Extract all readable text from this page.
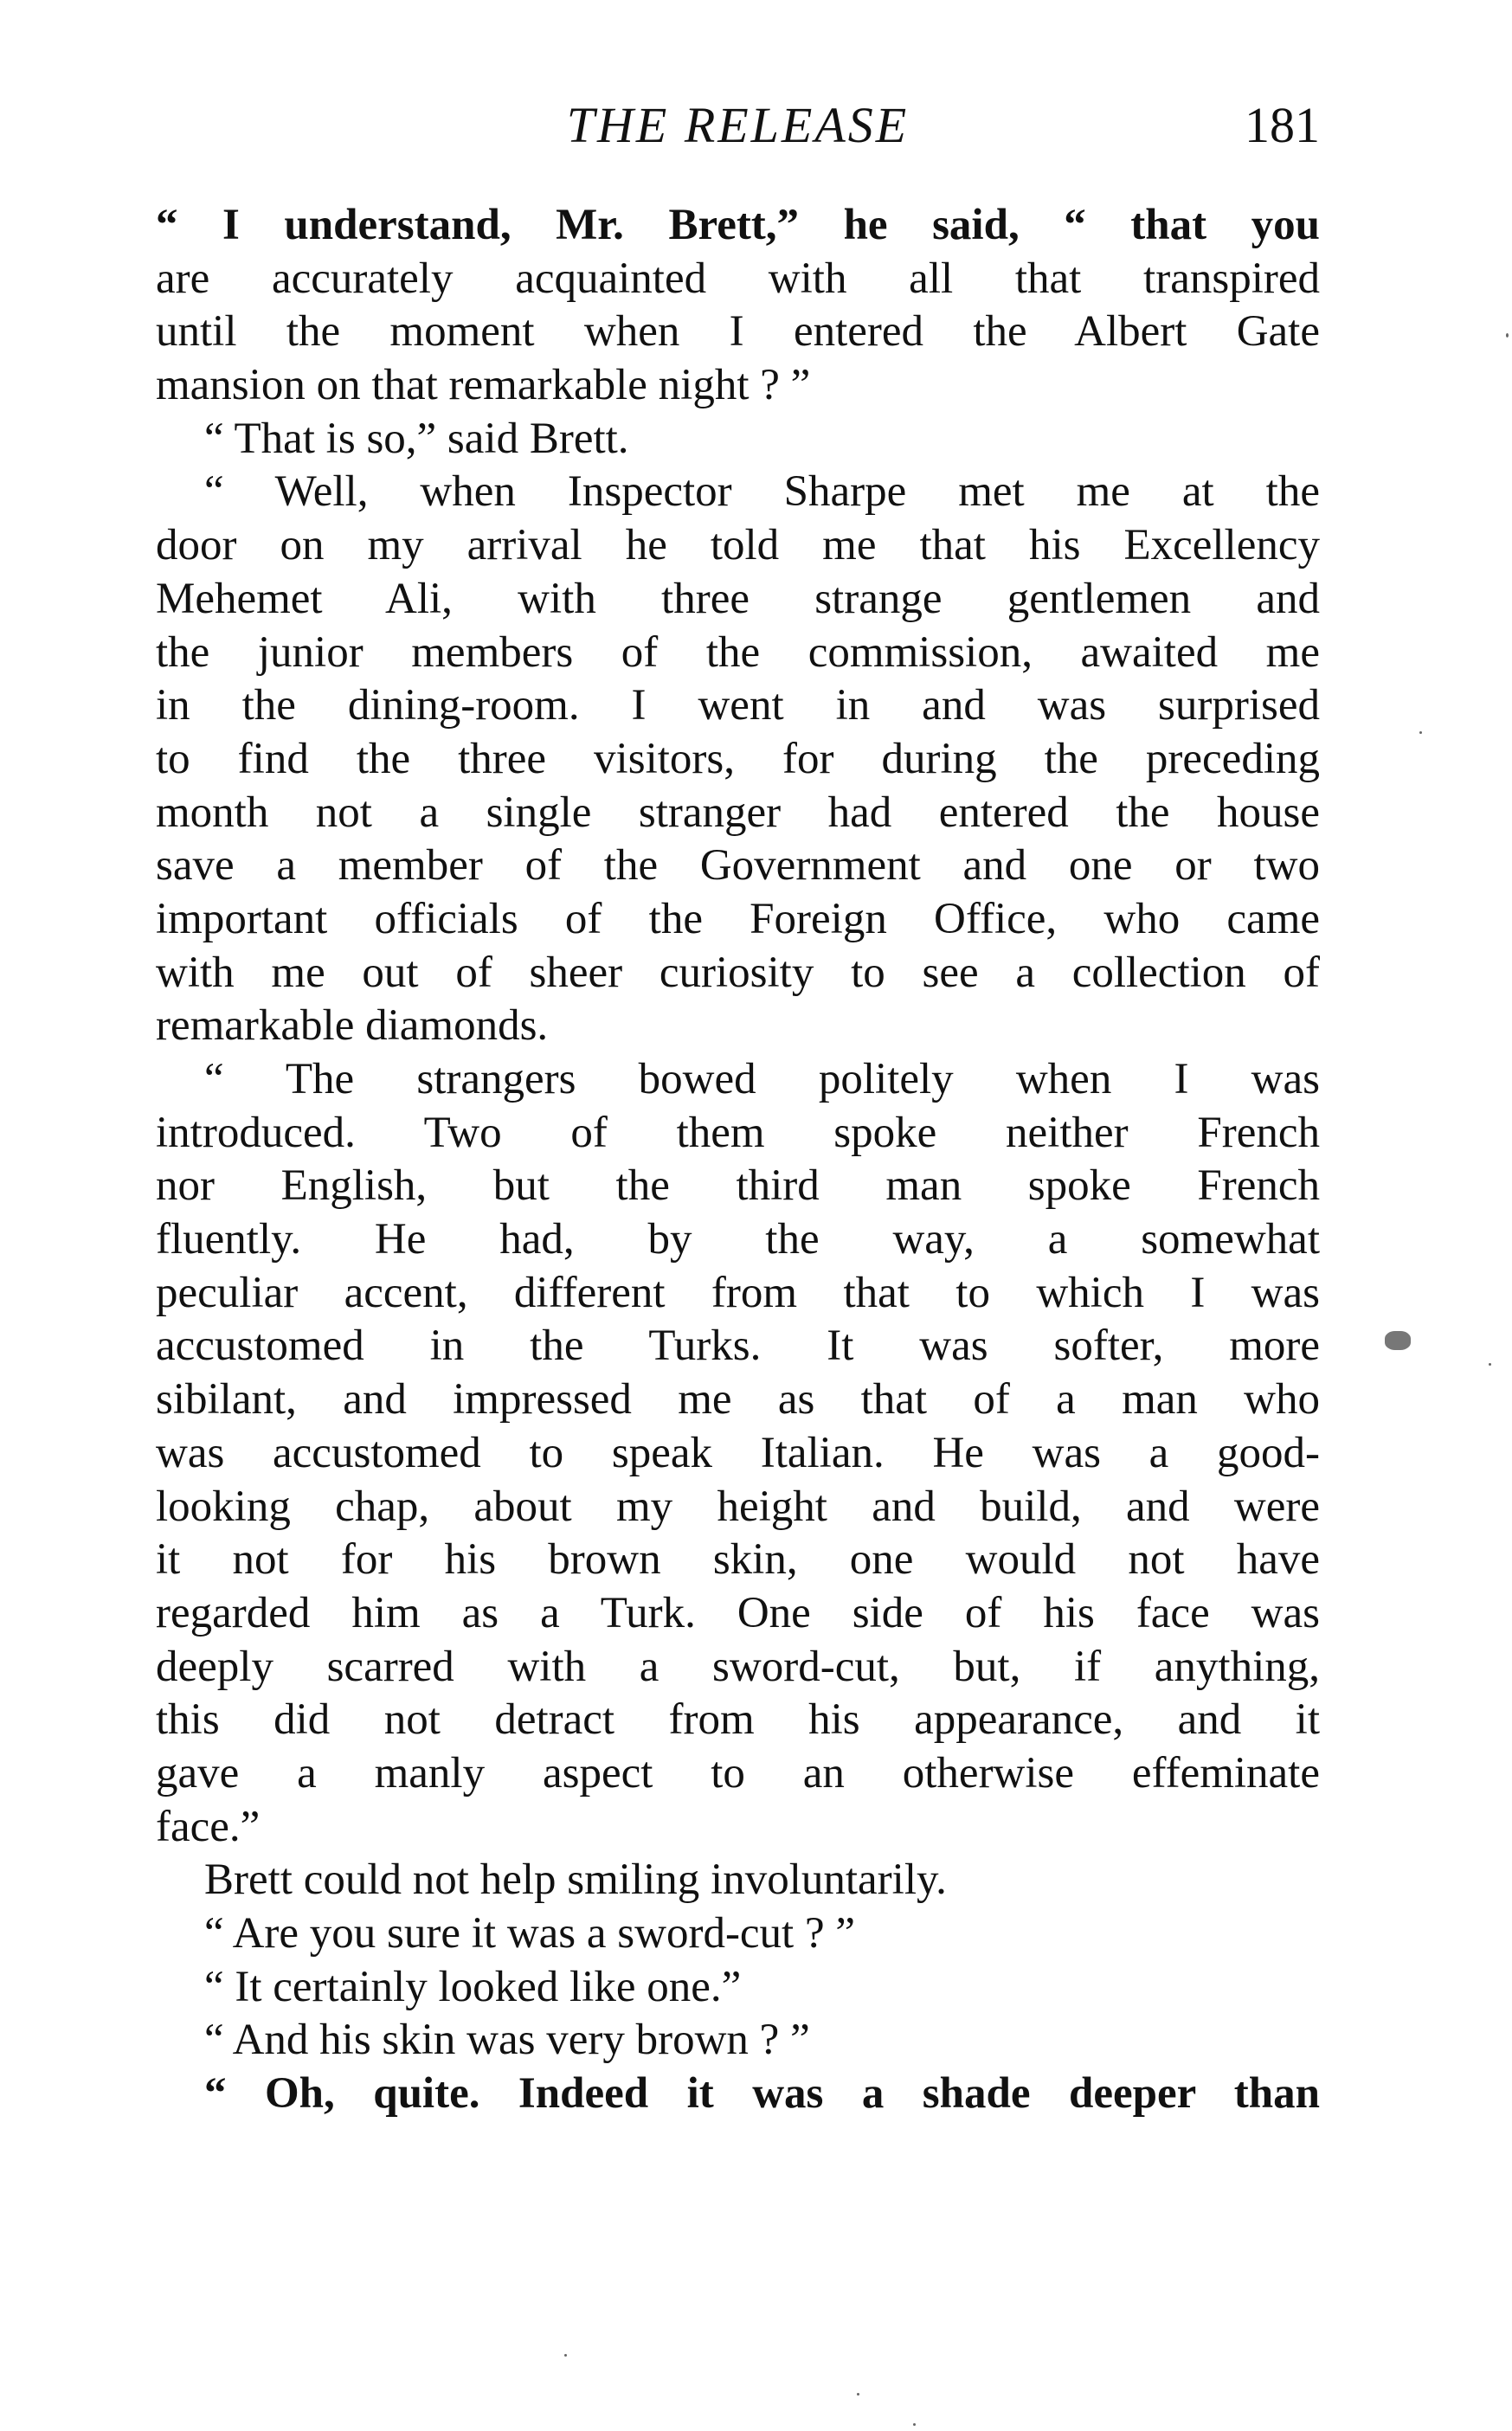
THE RELEASE	181
“ I understand, Mr. Brett,” he said, “ that you
are accurately acquainted with all that transpired
until the moment when I entered the Albert Gate
mansion on that remarkable night ? ”
“ That is so,” said Brett.
“ Well, when Inspector Sharpe met me at the
door on my arrival he told me that his Excellency
Mehemet Ali, with three strange gentlemen and
the junior members of the commission, awaited me
in the dining-room. I went in and was surprised
to find the three visitors, for during the preceding
month not a single stranger had entered the house
save a member of the Government and one or two
important officials of the Foreign Office, who came
with me out of sheer curiosity to see a collection of
remarkable diamonds.
“ The strangers bowed politely when I was
introduced. Two of them spoke neither French
nor English, but the third man spoke French
fluently. He had, by the way, a somewhat
peculiar accent, different from that to which I was
accustomed in the Turks. It was softer, more
sibilant, and impressed me as that of a man who
was accustomed to speak Italian. He was a good-
looking chap, about my height and build, and were
it not for his brown skin, one would not have
regarded him as a Turk. One side of his face was
deeply scarred with a sword-cut, but, if anything,
this did not detract from his appearance, and it
gave a manly aspect to an otherwise effeminate
face.”
Brett could not help smiling involuntarily.
“ Are you sure it was a sword-cut ? ”
“ It certainly looked like one.”
“ And his skin was very brown ? ”
“ Oh, quite. Indeed it was a shade deeper than
